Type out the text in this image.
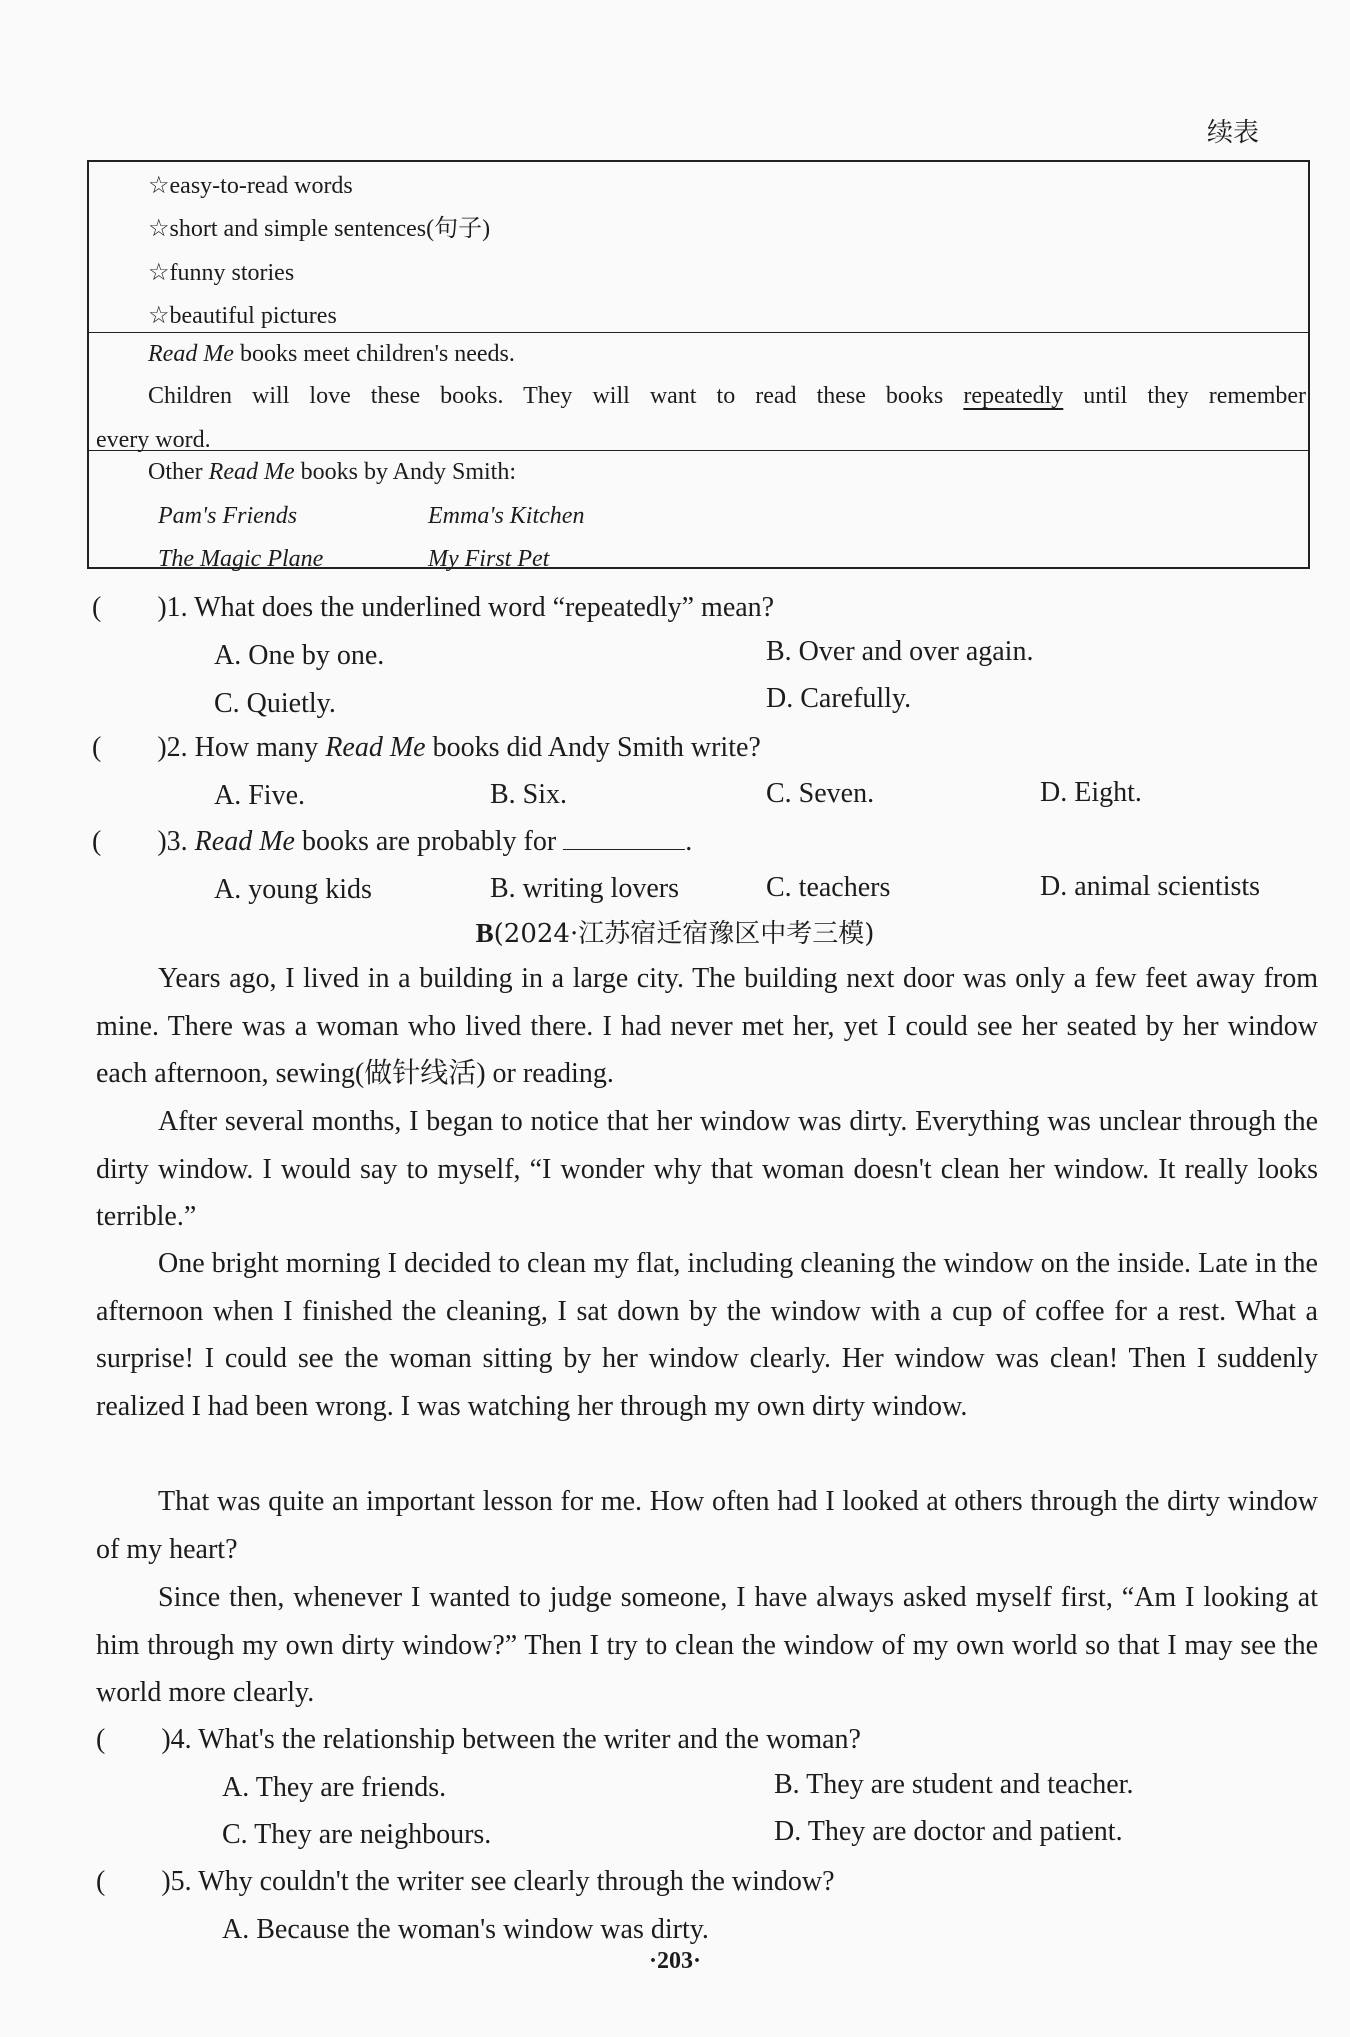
续表
☆easy-to-read words
☆short and simple sentences(句子)
☆funny stories
☆beautiful pictures
Read Me books meet children's needs.
Children will love these books. They will want to read these books repeatedly until they remember
every word.
Other Read Me books by Andy Smith:
Pam's Friends	Emma's Kitchen
The Magic Plane	My First Pet
(        )1. What does the underlined word “repeatedly” mean?
A. One by one.	B. Over and over again.
C. Quietly.	D. Carefully.
(        )2. How many Read Me books did Andy Smith write?
A. Five.	B. Six.	C. Seven.	D. Eight.
(        )3. Read Me books are probably for	.
A. young kids	B. writing lovers	C. teachers	D. animal scientists
B(2024·江苏宿迁宿豫区中考三模)
Years ago, I lived in a building in a large city. The building next door was only a few feet away from mine. There was a woman who lived there. I had never met her, yet I could see her seated by her window each afternoon, sewing(做针线活) or reading.
After several months, I began to notice that her window was dirty. Everything was unclear through the dirty window. I would say to myself, “I wonder why that woman doesn't clean her window. It really looks terrible.”
One bright morning I decided to clean my flat, including cleaning the window on the inside. Late in the afternoon when I finished the cleaning, I sat down by the window with a cup of coffee for a rest. What a surprise! I could see the woman sitting by her window clearly. Her window was clean! Then I suddenly realized I had been wrong. I was watching her through my own dirty window.
That was quite an important lesson for me. How often had I looked at others through the dirty window of my heart?
Since then, whenever I wanted to judge someone, I have always asked myself first, “Am I looking at him through my own dirty window?” Then I try to clean the window of my own world so that I may see the world more clearly.
(        )4. What's the relationship between the writer and the woman?
A. They are friends.	B. They are student and teacher.
C. They are neighbours.	D. They are doctor and patient.
(        )5. Why couldn't the writer see clearly through the window?
A. Because the woman's window was dirty.
·203·
